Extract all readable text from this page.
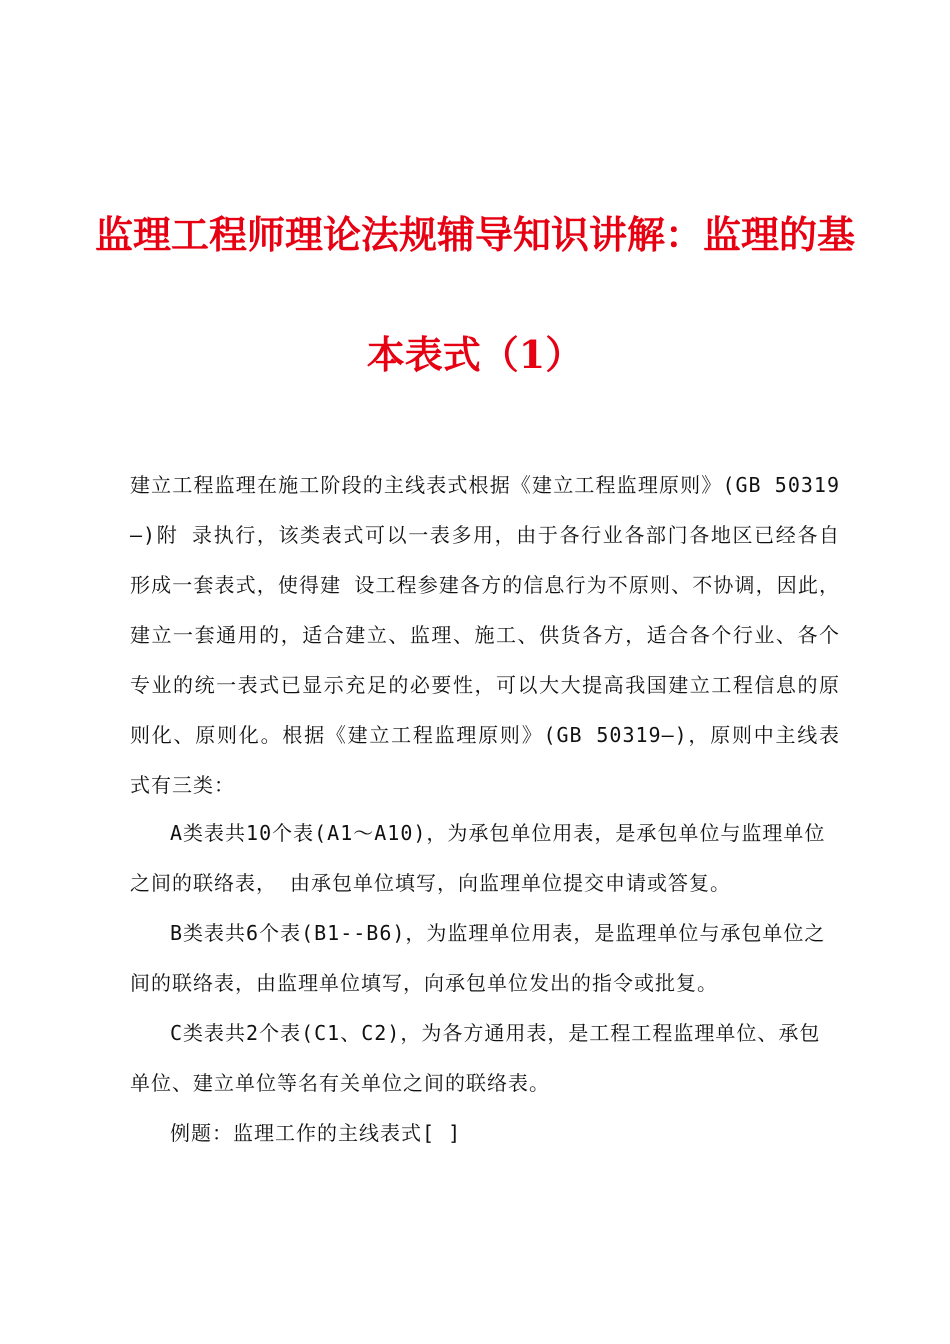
监理工程师理论法规辅导知识讲解：监理的基
本表式（1）
建立工程监理在施工阶段的主线表式根据《建立工程监理原则》(GB 50319—)附 录执行，该类表式可以一表多用，由于各行业各部门各地区已经各自形成一套表式，使得建 设工程参建各方的信息行为不原则、不协调，因此，建立一套通用的，适合建立、监理、施工、供货各方，适合各个行业、各个专业的统一表式已显示充足的必要性，可以大大提高我国建立工程信息的原则化、原则化。根据《建立工程监理原则》(GB 50319—)，原则中主线表式有三类：
A类表共10个表(A1～A10)，为承包单位用表，是承包单位与监理单位之间的联络表， 由承包单位填写，向监理单位提交申请或答复。
B类表共6个表(B1--B6)，为监理单位用表，是监理单位与承包单位之间的联络表，由监理单位填写，向承包单位发出的指令或批复。
C类表共2个表(C1、C2)，为各方通用表，是工程工程监理单位、承包单位、建立单位等名有关单位之间的联络表。
例题：监理工作的主线表式[ ]
